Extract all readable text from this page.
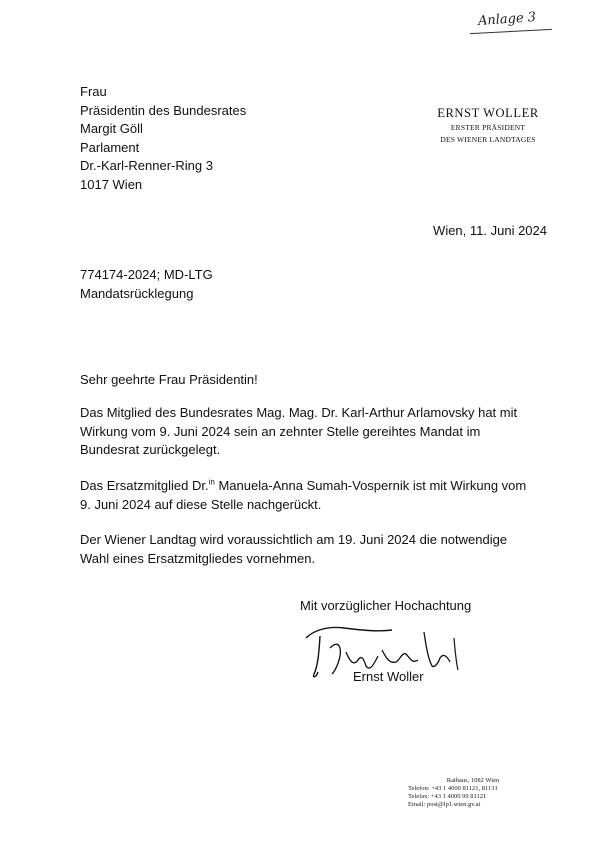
Anlage 3
Frau
Präsidentin des Bundesrates
Margit Göll
Parlament
Dr.-Karl-Renner-Ring 3
1017 Wien
ERNST WOLLER
ERSTER PRÄSIDENT
DES WIENER LANDTAGES
Wien, 11. Juni 2024
774174-2024; MD-LTG
Mandatsrücklegung
Sehr geehrte Frau Präsidentin!
Das Mitglied des Bundesrates Mag. Mag. Dr. Karl-Arthur Arlamovsky hat mit Wirkung vom 9. Juni 2024 sein an zehnter Stelle gereihtes Mandat im Bundesrat zurückgelegt.
Das Ersatzmitglied Dr.$^{in}$ Manuela-Anna Sumah-Vospernik ist mit Wirkung vom 9. Juni 2024 auf diese Stelle nachgerückt.
Der Wiener Landtag wird voraussichtlich am 19. Juni 2024 die notwendige Wahl eines Ersatzmitgliedes vornehmen.
Mit vorzüglicher Hochachtung
Ernst Woller
Rathaus, 1082 Wien
Telefon: +43 1 4000 81121, 81131
Telefax: +43 1 4000 99 81121
Email: post@lp1.wien.gv.at
